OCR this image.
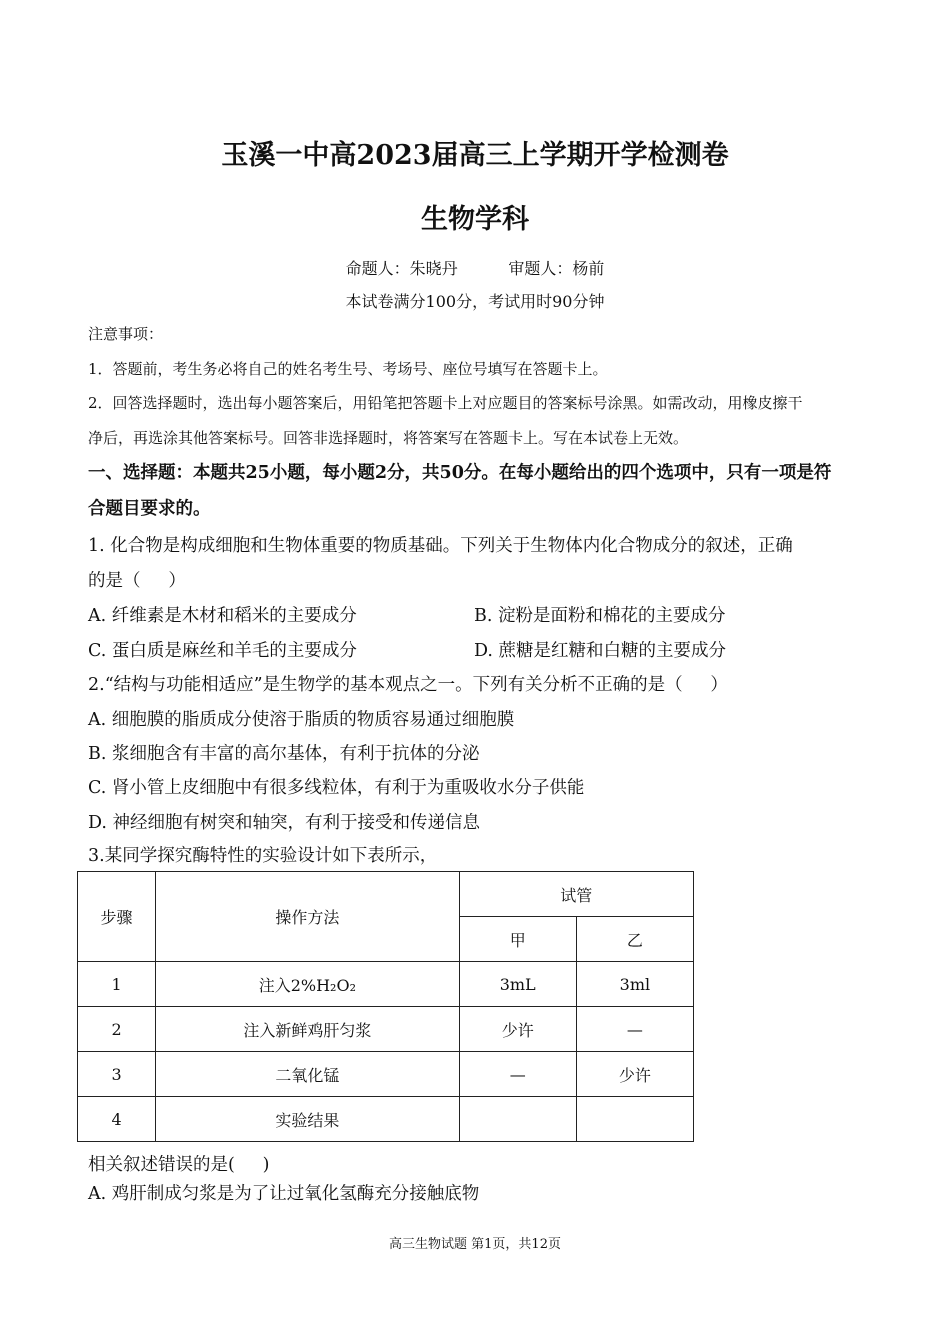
玉溪一中高2023届高三上学期开学检测卷
生物学科
命题人：朱晓丹          审题人：杨前
本试卷满分100分，考试用时90分钟
注意事项：
1．答题前，考生务必将自己的姓名考生号、考场号、座位号填写在答题卡上。
2．回答选择题时，选出每小题答案后，用铅笔把答题卡上对应题目的答案标号涂黑。如需改动，用橡皮擦干
净后，再选涂其他答案标号。回答非选择题时，将答案写在答题卡上。写在本试卷上无效。
一、选择题：本题共25小题，每小题2分，共50分。在每小题给出的四个选项中，只有一项是符
合题目要求的。
1. 化合物是构成细胞和生物体重要的物质基础。下列关于生物体内化合物成分的叙述，正确
的是（     ）
A. 纤维素是木材和稻米的主要成分	B. 淀粉是面粉和棉花的主要成分
C. 蛋白质是麻丝和羊毛的主要成分	D. 蔗糖是红糖和白糖的主要成分
2.“结构与功能相适应”是生物学的基本观点之一。下列有关分析不正确的是（     ）
A. 细胞膜的脂质成分使溶于脂质的物质容易通过细胞膜
B. 浆细胞含有丰富的高尔基体，有利于抗体的分泌
C. 肾小管上皮细胞中有很多线粒体，有利于为重吸收水分子供能
D. 神经细胞有树突和轴突，有利于接受和传递信息
3.某同学探究酶特性的实验设计如下表所示，
步骤	操作方法	试管	
		甲	乙
1	注入2%H₂O₂	3mL	3ml
2	注入新鲜鸡肝匀浆	少许	—
3	二氧化锰	—	少许
4	实验结果		
相关叙述错误的是(     )
A. 鸡肝制成匀浆是为了让过氧化氢酶充分接触底物
高三生物试题 第1页，共12页
